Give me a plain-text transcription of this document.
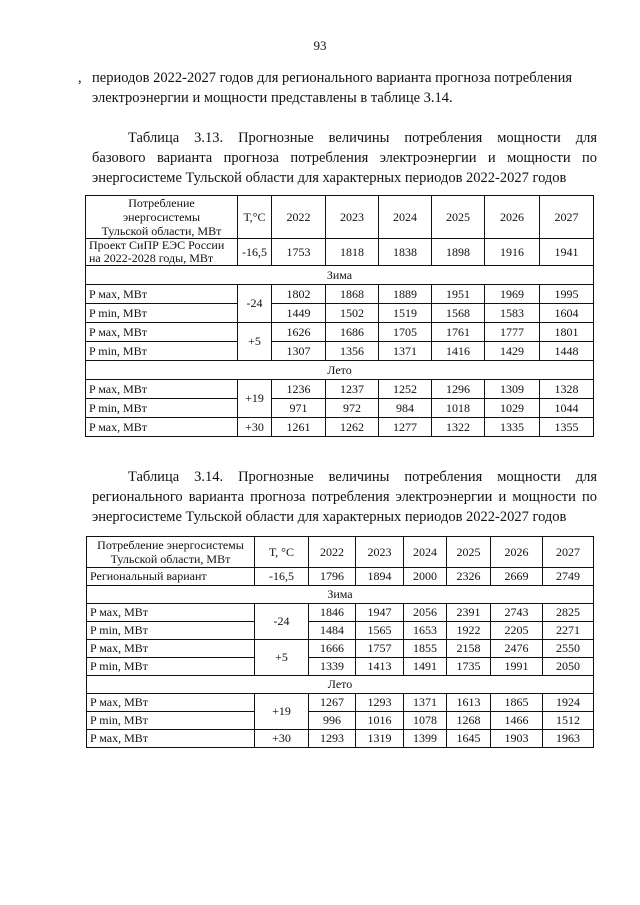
93
, периодов 2022-2027 годов для регионального варианта прогноза потребления
электроэнергии и мощности представлены в таблице 3.14.
Таблица 3.13. Прогнозные величины потребления мощности для
базового варианта прогноза потребления электроэнергии и мощности по
энергосистеме Тульской области для характерных периодов 2022-2027 годов
Потребление
энергосистемы
Тульской области, МВт	Т,°С	2022	2023	2024	2025	2026	2027

Проект СиПР ЕЭС России
на 2022-2028 годы, МВт	-16,5	1753	1818	1838	1898	1916	1941
Зима							
P мах, МВт	-24	1802	1868	1889	1951	1969	1995
P min, МВт		1449	1502	1519	1568	1583	1604
P мах, МВт	+5	1626	1686	1705	1761	1777	1801
P min, МВт		1307	1356	1371	1416	1429	1448
Лето							
P мах, МВт	+19	1236	1237	1252	1296	1309	1328
P min, МВт		971	972	984	1018	1029	1044
P мах, МВт	+30	1261	1262	1277	1322	1335	1355
Таблица 3.14. Прогнозные величины потребления мощности для
регионального варианта прогноза потребления электроэнергии и мощности по
энергосистеме Тульской области для характерных периодов 2022-2027 годов
Потребление энергосистемы
Тульской области, МВт	Т, °С	2022	2023	2024	2025	2026	2027
Региональный вариант	-16,5	1796	1894	2000	2326	2669	2749
Зима							
P мах, МВт	-24	1846	1947	2056	2391	2743	2825
P min, МВт		1484	1565	1653	1922	2205	2271
P мах, МВт	+5	1666	1757	1855	2158	2476	2550
P min, МВт		1339	1413	1491	1735	1991	2050
Лето							
P мах, МВт	+19	1267	1293	1371	1613	1865	1924
P min, МВт		996	1016	1078	1268	1466	1512
P мах, МВт	+30	1293	1319	1399	1645	1903	1963
